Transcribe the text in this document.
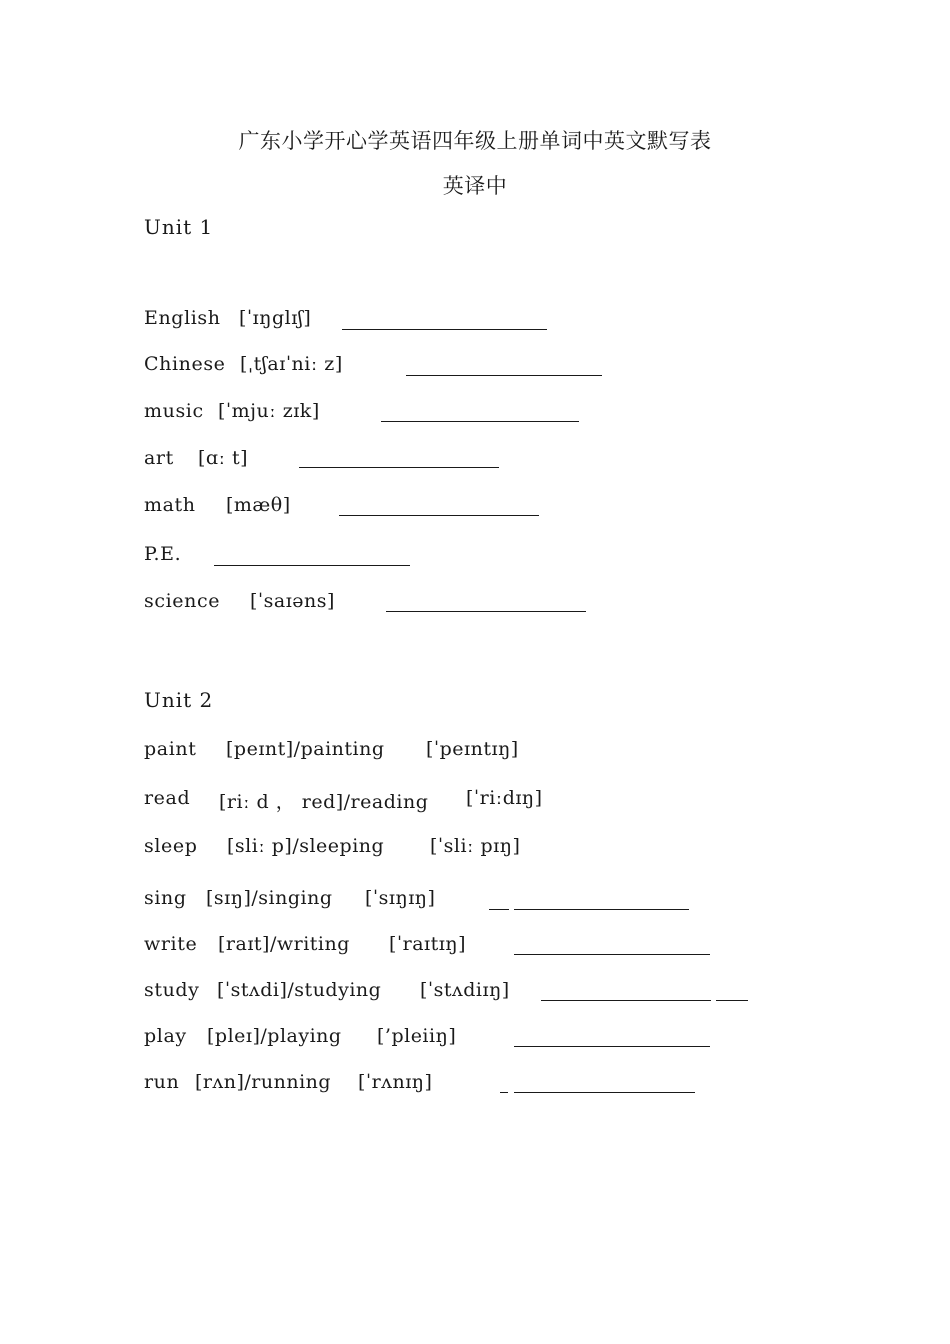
广东小学开心学英语四年级上册单词中英文默写表
英译中
Unit 1
English [ˈɪŋglɪʃ]
Chinese [ˌtʃaɪˈniː z]
music [ˈmjuː zɪk]
art [ɑː t]
math [mæθ]
P.E.
science [ˈsaɪəns]
Unit 2
paint [peɪnt]/painting [ˈpeɪntɪŋ]
read [riː d ， red]/reading [ˈriːdɪŋ]
sleep [sliː p]/sleeping [ˈsliː pɪŋ]
sing [sɪŋ]/singing [ˈsɪŋɪŋ]
write [raɪt]/writing [ˈraɪtɪŋ]
study [ˈstʌdi]/studying [ˈstʌdiɪŋ]
play [pleɪ]/playing [’pleiiŋ]
run [rʌn]/running [ˈrʌnɪŋ]
